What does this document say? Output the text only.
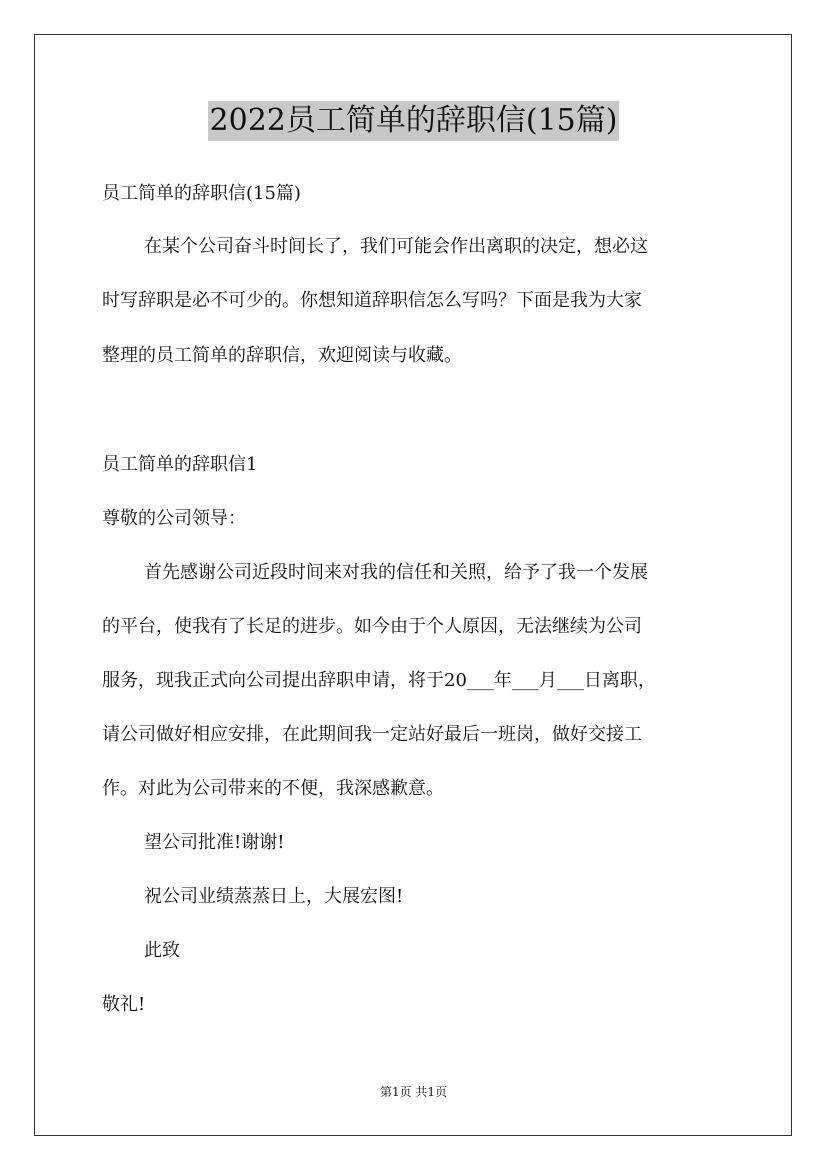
2022员工简单的辞职信(15篇)
员工简单的辞职信(15篇)
在某个公司奋斗时间长了，我们可能会作出离职的决定，想必这
时写辞职是必不可少的。你想知道辞职信怎么写吗？下面是我为大家
整理的员工简单的辞职信，欢迎阅读与收藏。
员工简单的辞职信1
尊敬的公司领导：
首先感谢公司近段时间来对我的信任和关照，给予了我一个发展
的平台，使我有了长足的进步。如今由于个人原因，无法继续为公司
服务，现我正式向公司提出辞职申请，将于20___年___月___日离职，
请公司做好相应安排，在此期间我一定站好最后一班岗，做好交接工
作。对此为公司带来的不便，我深感歉意。
望公司批准!谢谢!
祝公司业绩蒸蒸日上，大展宏图!
此致
敬礼!
第1页 共1页
